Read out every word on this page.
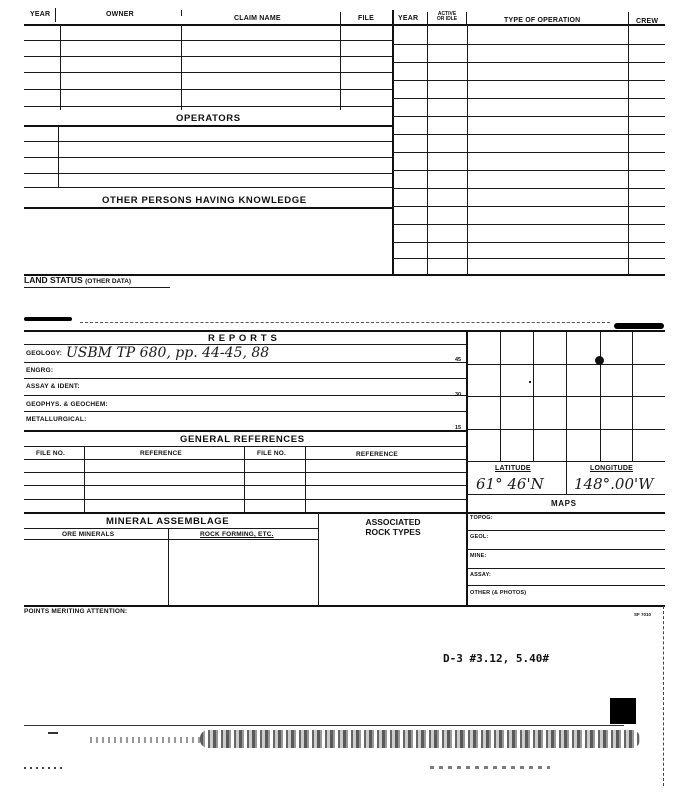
YEAR	OWNER
CLAIM NAME	FILE	YEAR
ACTIVE
OR IDLE	TYPE OF OPERATION	CREW
OPERATORS
OTHER PERSONS HAVING KNOWLEDGE
LAND STATUS (OTHER DATA)
R E P O R T S
GEOLOGY: USBM TP 680, pp. 44-45, 88
ENGRG:
45
ASSAY & IDENT:
GEOPHYS. & GEOCHEM:
30
METALLURGICAL:
15
GENERAL REFERENCES
FILE NO.	REFERENCE	FILE NO.	REFERENCE
LATITUDE	LONGITUDE
61° 46'N 148°.00'W
MAPS
TOPOG:
GEOL:
MINE:
ASSAY:
OTHER (& PHOTOS)
MINERAL ASSEMBLAGE
ORE MINERALS	ROCK FORMING, ETC.
ASSOCIATED
ROCK TYPES
POINTS MERITING ATTENTION:	SF 7010
D-3 #3.12, 5.40#
